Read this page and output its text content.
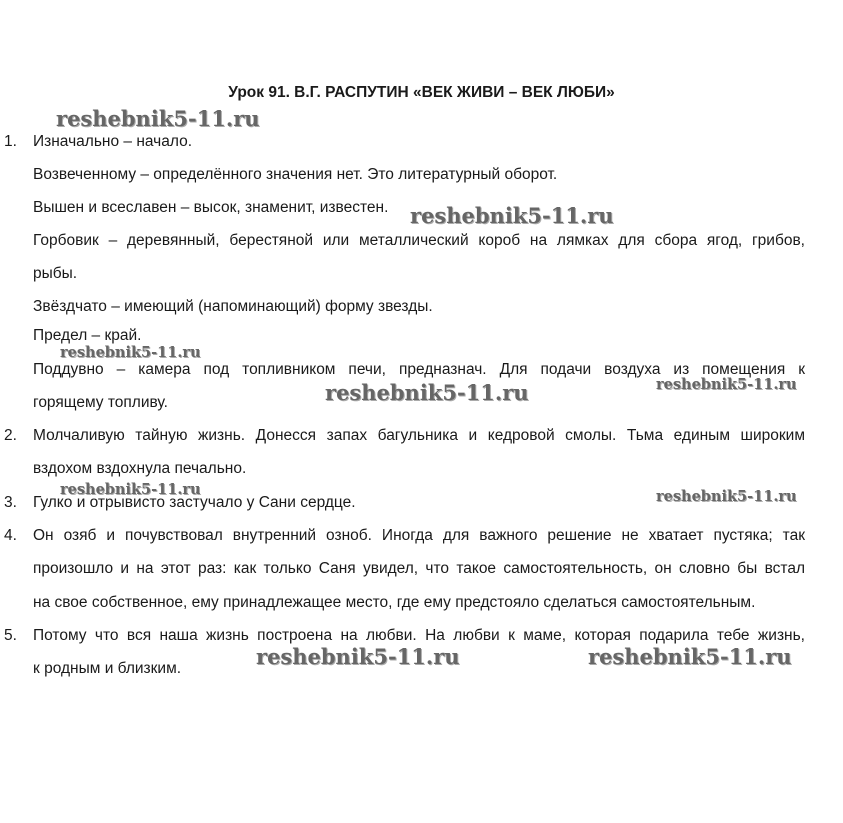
Урок 91. В.Г. РАСПУТИН «ВЕК ЖИВИ – ВЕК ЛЮБИ»
1.
2.
3.
4.
5.
Изначально – начало.
Возвеченному – определённого значения нет. Это литературный оборот.
Вышен и всеславен – высок, знаменит, известен.
Горбовик – деревянный, берестяной или металлический короб на лямках для сбора ягод, грибов,
рыбы.
Звёздчато – имеющий (напоминающий) форму звезды.
Предел – край.
Поддувно – камера под топливником печи, предназнач. Для подачи воздуха из помещения к
горящему топливу.
Молчаливую тайную жизнь. Донесся запах багульника и кедровой смолы. Тьма единым широким
вздохом вздохнула печально.
Гулко и отрывисто застучало у Сани сердце.
Он озяб и почувствовал внутренний озноб. Иногда для важного решение не хватает пустяка; так
произошло и на этот раз: как только Саня увидел, что такое самостоятельность, он словно бы встал
на свое собственное, ему принадлежащее место, где ему предстояло сделаться самостоятельным.
Потому что вся наша жизнь построена на любви. На любви к маме, которая подарила тебе жизнь,
к родным и близким.
reshebnik5-11.ru
reshebnik5-11.ru
reshebnik5-11.ru
reshebnik5-11.ru	reshebnik5-11.ru
reshebnik5-11.ru	reshebnik5-11.ru
reshebnik5-11.ru	reshebnik5-11.ru
